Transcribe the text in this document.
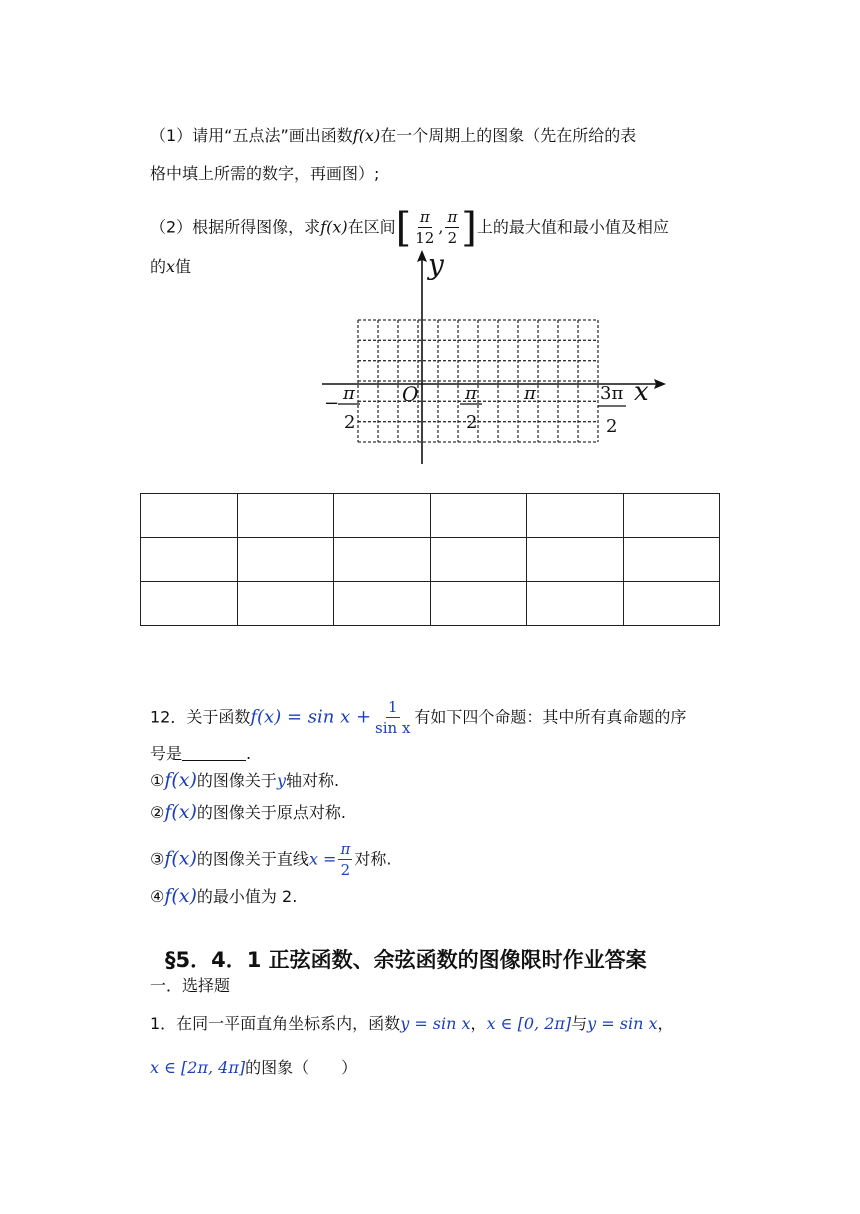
（1）请用“五点法”画出函数f(x)在一个周期上的图象（先在所给的表
格中填上所需的数字，再画图）;
（2）根据所得图像，求f(x)在区间[ $\frac{\pi}{12}$ , $\frac{\pi}{2}$ ]上的最大值和最小值及相应
的x值	y
x
O
− π
2
π
2
π	3π
2

12．关于函数$f(x) = \sin x + \frac{1}{\text{sin x}}$ 有如下四个命题：其中所有真命题的序
号是	.
①f(x)的图像关于y轴对称.
②f(x)的图像关于原点对称.
③f(x)的图像关于直线$x = \frac{\pi}{2}$ 对称.
④f(x)的最小值为 2.
§5．4．1 正弦函数、余弦函数的图像限时作业答案
一．选择题
1．在同一平面直角坐标系内，函数y = sin x，x ∈ [0, 2π]与y = sin x，
x ∈ [2π, 4π]的图象（　　）
